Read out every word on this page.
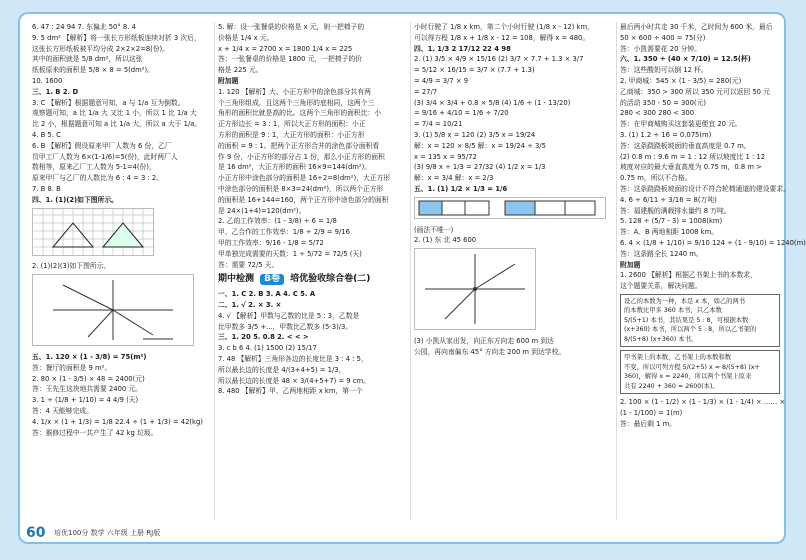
6. 47 : 24 94 7. 东偏北 50° 8. 4
9. 5 dm² 【解析】将一张长方形纸板连续对折 3 次后，
这张长方形纸板被平均分成 2×2×2=8(份)。
其中的面积就是 5/8 dm²，所以这张
纸板原来的面积是 5/8 × 8 = 5(dm²)。
10. 1600
三、1. B 2. D
3. C 【解析】根据题意可知，a 与 1/a 互为倒数。
观察题可知，a 比 1/a 大 又比 1 小，所以 1 比 1/a 大
比 2 小，根据题意可知 a 比 1/a 大，所以 a 大于 1/a。
4. B 5. C
6. B 【解析】假设原来甲厂人数为 6 份，乙厂
员甲工厂人数为 6×(1-1/6)=5(份)，此时两厂人
数相等，原来乙厂工人数为 5-1=4(份)，
原来甲厂与乙厂的人数比为 6 : 4 = 3 : 2。
7. B 8. B
四、1. (1)(2)如下图所示。
2. (1)(2)(3)如下图所示。
五、1. 120 × (1 - 3/8) = 75(m²)
答：餐厅的面积是 9 m²。
2. 80 × (1 - 3/5) × 48 = 2400(元)
答：王先生这块地共需要 2400 元。
3. 1 ÷ (1/8 + 1/10) = 4 4/9 (天)
答：4 天能够完成。
4. 1/x × (1 + 1/3) = 1/8 22.4 ÷ (1 + 1/3) = 42(kg)
答：猴修过程中一共产生了 42 kg 垃圾。
5. 解：设一张餐桌的价格是 x 元，则一把椅子的
价格是 1/4 x 元。
x + 1/4 x = 2700 x = 1800 1/4 x = 225
答：一张餐桌的价格是 1800 元，一把椅子的价
格是 225 元。
附加题
1. 120 【解析】大、小正方形中的涂色部分共有两
个三角形组成，且这两个三角形的底相同，这两个三
角形的面积比就是高的比。这两个三角形的面积比：小
正方形边长 = 3 : 1，所以大正方形的面积：小正
方形的面积是 9 : 1，大正方形的面积：小正方形
的面积 = 9 : 1。把两个正方形合并的涂色部分面积看
作 9 份，小正方形的部分占 1 份，那么小正方形的面积
是 16 dm²，大正方形的面积 16×9=144(dm²)。
小正方形中涂色部分的面积是 16÷2=8(dm²)，大正方形
中涂色部分的面积是 8×3=24(dm²)，所以两个正方形
的面积是 16+144=160，两个正方形中涂色部分的面积
是 24×(1+4)=120(dm²)。
2. 乙的工作效率：(1 - 3/8) ÷ 6 = 1/8
甲、乙合作的工作效率：1/8 ÷ 2/9 = 9/16
甲的工作效率：9/16 - 1/8 = 5/72
甲单独完成需要的天数：1 ÷ 5/72 = 72/5 (天)
答：需要 72/5 天。
期中检测 B卷 培优验收综合卷(二)
一、1. C 2. B 3. A 4. C 5. A
二、1. √ 2. × 3. ×
4. √ 【解析】甲数与乙数的比是 5 : 3，乙数是
比甲数多 3/5 +...，甲数比乙数多 (5-3)/3。
三、1. 20 5. 0.8 2. < < >
3. c b 6 4. (1) 1500 (2) 15/17
7. 48 【解析】三角形各边的长度比是 3 : 4 : 5，
所以最长边的长度是 4/(3+4+5) = 1/3，
所以最长边的长度是 48 × 3/(4+5+7) = 9 cm。
8. 480 【解析】甲、乙两地相距 x km，第一个
小时行驶了 1/8 x km，第二个小时行驶 (1/8 x - 12) km，
可以得方程 1/8 x + 1/8 x - 12 = 108，解得 x = 480。
四、1. 1/3 2 17/12 22 4 98
2. (1) 3/5 × 4/9 × 15/16 (2) 3/7 × 7.7 + 1.3 × 3/7
= 5/12 × 16/15 = 3/7 × (7.7 + 1.3)
= 4/9 = 3/7 × 9
= 27/7
(3) 3/4 × 3/4 + 0.8 × 5/8 (4) 1/6 ÷ (1 - 13/20)
= 9/16 + 4/10 = 1/6 ÷ 7/20
= 7/4 = 10/21
3. (1) 5/8 x = 120 (2) 3/5 x = 19/24
解：x = 120 × 8/5 解：x = 19/24 ÷ 3/5
x = 135 x = 95/72
(3) 9/8 x ÷ 1/3 = 27/32 (4) 1/2 x = 1/3
解：x = 3/4 解：x = 2/3
五、1. (1) 1/2 × 1/3 = 1/6
(画法不唯一)
2. (1) 东 北 45 600
(3) 小凯从家出发，向正东方向走 600 m 到达
公园，再向南偏东 45° 方向走 200 m 到达学校。
最后两小时共走 30 千米，乙时间为 600 米，最后
50 × 600 ÷ 400 = 75(分)
答：小凯需要花 20 分钟。
六、1. 350 ÷ (40 × 7/10) = 12.5(杯)
答：这些酸奶可以倒 12 杯。
2. 甲商城：545 × (1 - 3/5) = 280(元)
乙商城：350 > 300 所以 350 元可以返回 50 元
的活动 350 - 50 = 300(元)
280 < 300 280 < 300
答：在甲商城购买这套装更便宜 20 元。
3. (1) 1.2 ÷ 16 = 0.075(m)
答：这条跷跷板坡面的垂直高度是 0.7 m。
(2) 0.8 m : 9.6 m = 1 : 12 所以坡度比 1 : 12
坡度对应的最大垂直高度为 0.75 m，0.8 m >
0.75 m，所以不合格。
答：这条跷跷板坡面的设计不符合轮椅通道的建设要求。
4. 6 ÷ 6/11 ÷ 3/16 = 8(万吨)
答：福建舰的满载排水量约 8 万吨。
5. 128 ÷ (5/7 - 3) = 1008(km)
答：A、B 两地相距 1008 km。
6. 4 × (1/8 + 1/10) = 9/10 124 ÷ (1 - 9/10) = 1240(m)
答：这条路全长 1240 m。
附加题
1. 2600 【解析】根据乙书架上书的本数求，
这个题要关系，解决问题。
设乙的本数为一种，本是 x 本，如乙的两书
的本数比甲多 360 本书，只乙本数
5/(5+1) 本书，其结果是 5 : 8，可根据本数
(x+360) 本书，所以两个 5 : 8，所以乙书架的
8/(5+8) (x+360) 本书。
甲书架上的本数，乙书架上的本数和数
不变，所以可列方程 5/(2+5) x = 8/(5+8) (x+
360)，解得 x = 2240，所以两个书架上原来
共有 2240 + 360 = 2600(本)。
2. 100 × (1 - 1/2) × (1 - 1/3) × (1 - 1/4) × …… ×
(1 - 1/100) = 1(m)
答：最后剩 1 m。
60 培优100分 数学 六年级 上册 RJ版
